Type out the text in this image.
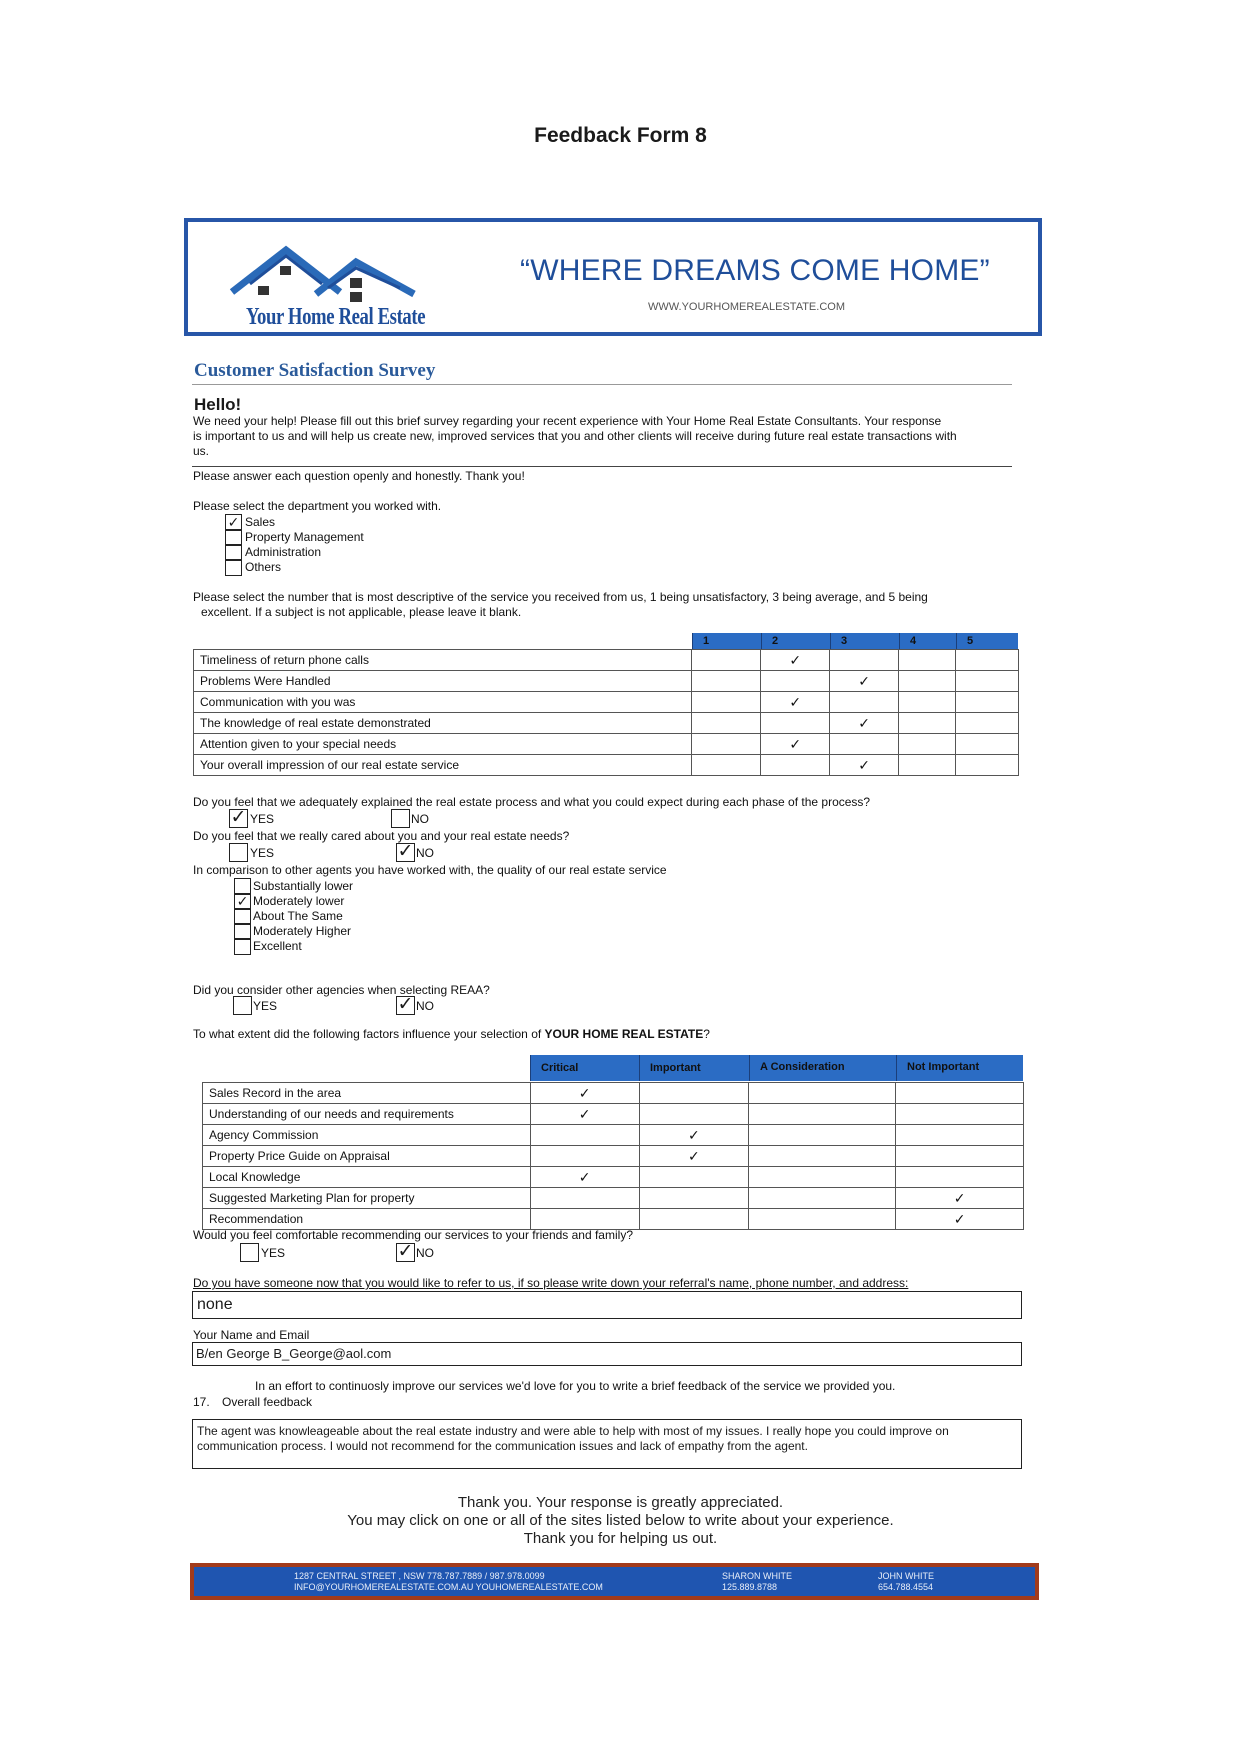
Feedback Form 8
Your Home Real Estate
“WHERE DREAMS COME HOME”
WWW.YOURHOMEREALESTATE.COM
Customer Satisfaction Survey
Hello!
We need your help! Please fill out this brief survey regarding your recent experience with Your Home Real Estate Consultants. Your response
is important to us and will help us create new, improved services that you and other clients will receive during future real estate transactions with
us.
Please answer each question openly and honestly. Thank you!
Please select the department you worked with.
✓ Sales
Property Management
Administration
Others
Please select the number that is most descriptive of the service you received from us, 1 being unsatisfactory, 3 being average, and 5 being
excellent. If a subject is not applicable, please leave it blank.
1	2	3	4	5
Timeliness of return phone calls		✓			
Problems Were Handled			✓		
Communication with you was		✓			
The knowledge of real estate demonstrated			✓		
Attention given to your special needs		✓			
Your overall impression of our real estate service			✓		
Do you feel that we adequately explained the real estate process and what you could expect during each phase of the process?
✓ YES	NO
Do you feel that we really cared about you and your real estate needs?
YES	✓ NO
In comparison to other agents you have worked with, the quality of our real estate service
Substantially lower
✓ Moderately lower
About The Same
Moderately Higher
Excellent
Did you consider other agencies when selecting REAA?
YES	✓ NO
To what extent did the following factors influence your selection of YOUR HOME REAL ESTATE?
Critical	Important	A Consideration	Not Important
Sales Record in the area	✓			
Understanding of our needs and requirements	✓			
Agency Commission		✓		
Property Price Guide on Appraisal		✓		
Local Knowledge	✓			
Suggested Marketing Plan for property				✓
Recommendation				✓
Would you feel comfortable recommending our services to your friends and family?
YES	✓ NO
Do you have someone now that you would like to refer to us, if so please write down your referral's name, phone number, and address:
none
Your Name and Email
B/en George B_George@aol.com
In an effort to continuosly improve our services we'd love for you to write a brief feedback of the service we provided you.
17. Overall feedback
The agent was knowleageable about the real estate industry and were able to help with most of my issues. I really hope you could improve on
communication process. I would not recommend for the communication issues and lack of empathy from the agent.
Thank you. Your response is greatly appreciated.
You may click on one or all of the sites listed below to write about your experience.
Thank you for helping us out.
1287 CENTRAL STREET , NSW 778.787.7889 / 987.978.0099
INFO@YOURHOMEREALESTATE.COM.AU YOUHOMEREALESTATE.COM
SHARON WHITE
125.889.8788
JOHN WHITE
654.788.4554
